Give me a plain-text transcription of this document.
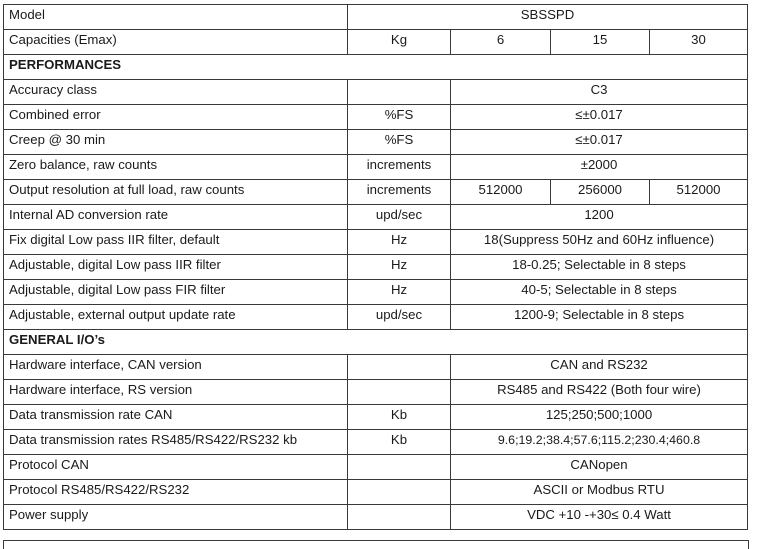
Model	SBSSPD			
Capacities (Emax)	Kg	6	15	30
PERFORMANCES				
Accuracy class		C3		
Combined error	%FS	≤±0.017		
Creep @ 30 min	%FS	≤±0.017		
Zero balance, raw counts	increments	±2000		
Output resolution at full load, raw counts	increments	512000	256000	512000
Internal AD conversion rate	upd/sec	1200		
Fix digital Low pass IIR filter, default	Hz	18(Suppress 50Hz and 60Hz influence)		
Adjustable, digital Low pass IIR filter	Hz	18-0.25; Selectable in 8 steps		
Adjustable, digital Low pass FIR filter	Hz	40-5; Selectable in 8 steps		
Adjustable, external output update rate	upd/sec	1200-9; Selectable in 8 steps		
GENERAL I/O’s				
Hardware interface, CAN version		CAN and RS232		
Hardware interface, RS version		RS485 and RS422 (Both four wire)		
Data transmission rate CAN	Kb	125;250;500;1000		
Data transmission rates RS485/RS422/RS232 kb	Kb	9.6;19.2;38.4;57.6;115.2;230.4;460.8		
Protocol CAN		CANopen		
Protocol RS485/RS422/RS232		ASCII or Modbus RTU		
Power supply		VDC +10 -+30≤ 0.4 Watt		
